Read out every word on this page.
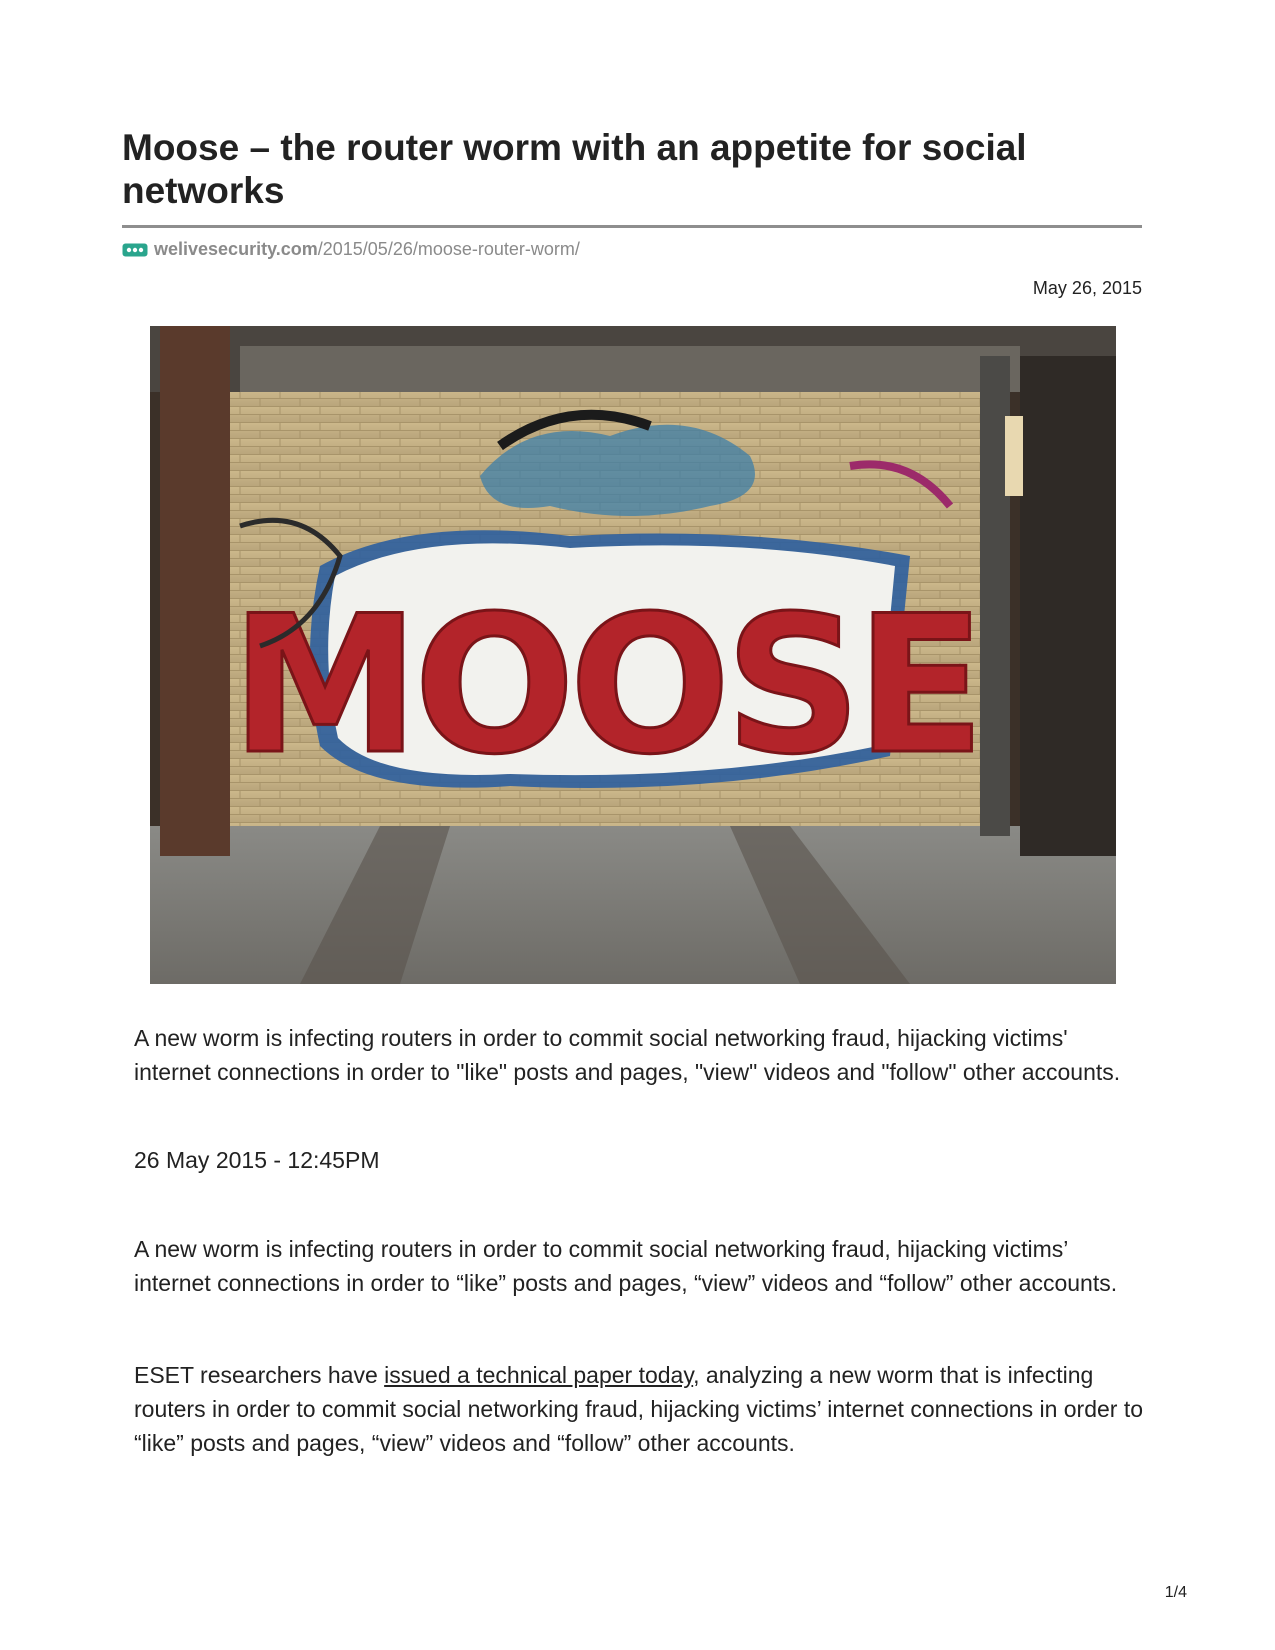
Moose – the router worm with an appetite for social networks
welivesecurity.com /2015/05/26/moose-router-worm/
May 26, 2015
MOOSE

A new worm is infecting routers in order to commit social networking fraud, hijacking victims' internet connections in order to "like" posts and pages, "view" videos and "follow" other accounts.

26 May 2015 - 12:45PM

A new worm is infecting routers in order to commit social networking fraud, hijacking victims’ internet connections in order to “like” posts and pages, “view” videos and “follow” other accounts.

ESET researchers have issued a technical paper today, analyzing a new worm that is infecting routers in order to commit social networking fraud, hijacking victims’ internet connections in order to “like” posts and pages, “view” videos and “follow” other accounts.

1/4
